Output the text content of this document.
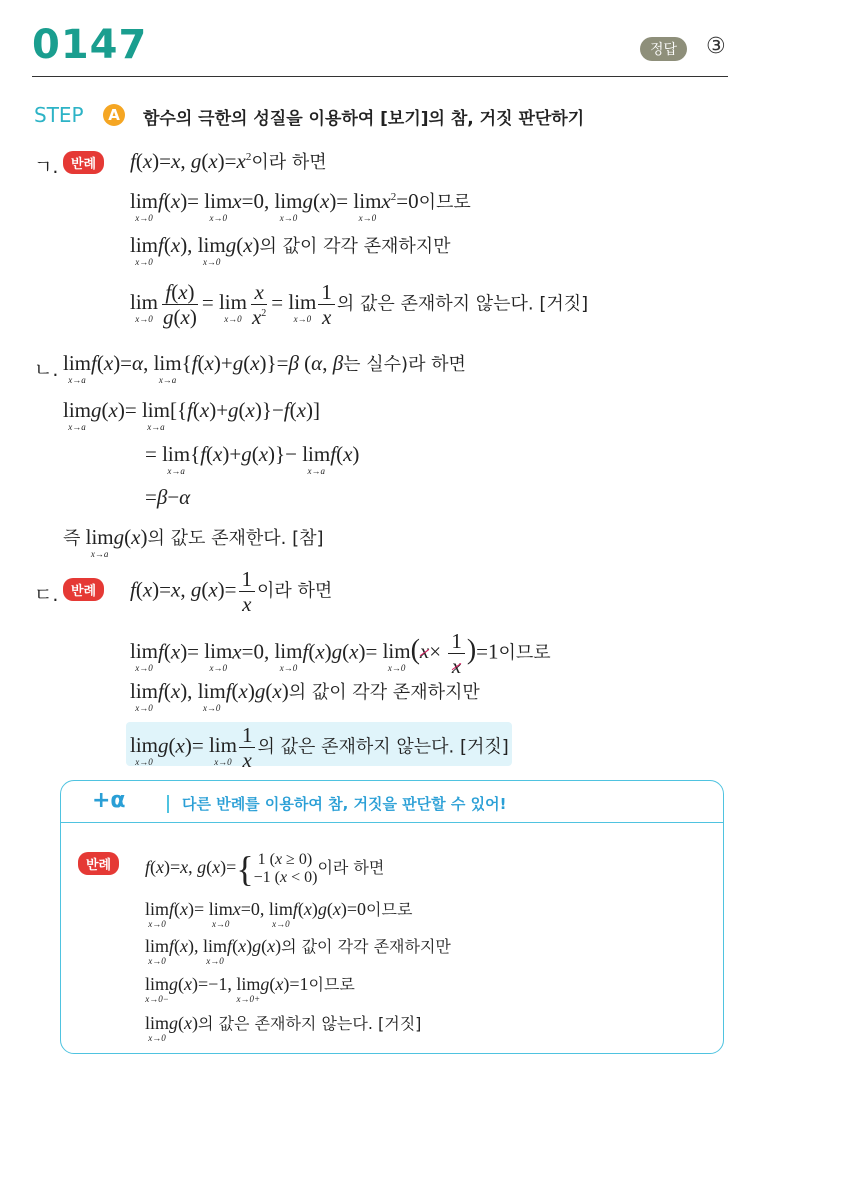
0147	정답	③
STEP	A	함수의 극한의 성질을 이용하여 [보기]의 참, 거짓 판단하기
ㄱ. 반례	f(x)=x, $g(x)=x^2$이라 하면
lim
x→0
f(x)= lim
x→0
x=0, lim
x→0
g(x)= lim
x→0
$x^2=0$이므로
lim
x→0
f(x), lim
x→0
g(x)의 값이 각각 존재하지만
lim
$x\to 0 \frac{f(x)}{g(x)} = \lim$
$x\to 0 \frac{x}{x^2} = \lim$
$x\to 0 \frac{1}{x}$ 의 값은 존재하지 않는다. [거짓]
ㄴ. lim
x→a
f(x)=α, lim
x→a
{f(x)+g(x)}=β (α, β는 실수)라 하면
lim
x→a
g(x)= lim
x→a
[{f(x)+g(x)}−f(x)]
= lim
x→a
{f(x)+g(x)}− lim
x→a
f(x)
=β−α
즉 lim
x→a
g(x)의 값도 존재한다. [참]
ㄷ. 반례	f(x)=x, $g(x)= \frac{1}{x}$ 이라 하면
lim
x→0
f(x)= lim
x→0
x=0, lim
x→0
f(x)g(x)= lim
x→0
$(x\times \frac{1}{x} )=1$이므로
lim
x→0
f(x), lim
x→0
f(x)g(x)의 값이 각각 존재하지만
lim
x→0
g(x)= lim
$x\to 0 \frac{1}{x}$ 의 값은 존재하지 않는다. [거짓]
+α	다른 반례를 이용하여 참, 거짓을 판단할 수 있어!
반례	f(x)=x, g(x)={ 1 (x ≥ 0)
−1 (x < 0)이라 하면
lim
x→0
f(x)= lim
x→0
x=0, lim
x→0
f(x)g(x)=0이므로
lim
x→0
f(x), lim
x→0
f(x)g(x)의 값이 각각 존재하지만
lim
x→0−
g(x)=−1, lim
x→0+
g(x)=1이므로
lim
x→0
g(x)의 값은 존재하지 않는다. [거짓]
